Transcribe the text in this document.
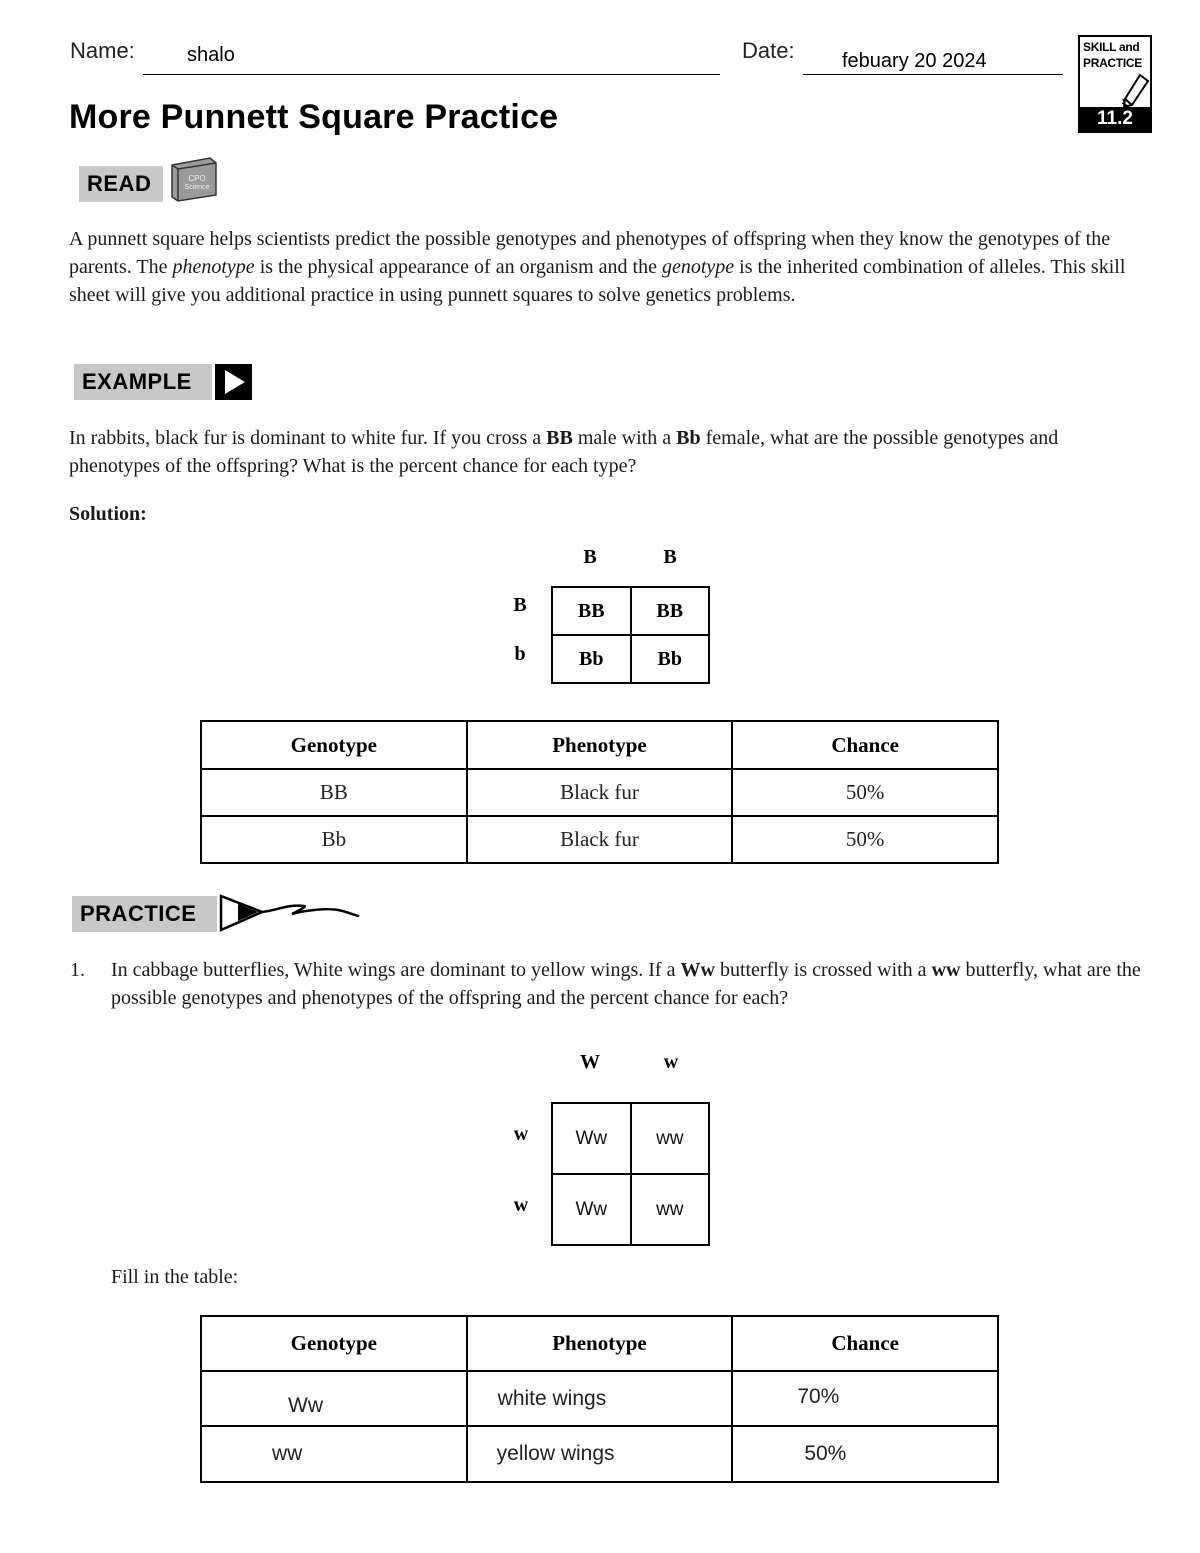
Name:	shalo	Date: febuary 20 2024
SKILL and
PRACTICE
11.2
More Punnett Square Practice
READ	CPO
Science
A punnett square helps scientists predict the possible genotypes and phenotypes of offspring when they know the genotypes of the parents. The phenotype is the physical appearance of an organism and the genotype is the inherited combination of alleles. This skill sheet will give you additional practice in using punnett squares to solve genetics problems.
EXAMPLE
In rabbits, black fur is dominant to white fur. If you cross a BB male with a Bb female, what are the possible genotypes and phenotypes of the offspring? What is the percent chance for each type?
Solution:
B	B
B
b
BB	BB
Bb	Bb
Genotype	Phenotype	Chance
BB	Black fur	50%
Bb	Black fur	50%
PRACTICE
1. In cabbage butterflies, White wings are dominant to yellow wings. If a Ww butterfly is crossed with a ww butterfly, what are the possible genotypes and phenotypes of the offspring and the percent chance for each?
W	w
w
w
Ww	ww
Ww	ww
Fill in the table:
Genotype	Phenotype	Chance
Ww	white wings	70%
ww	yellow wings	50%
